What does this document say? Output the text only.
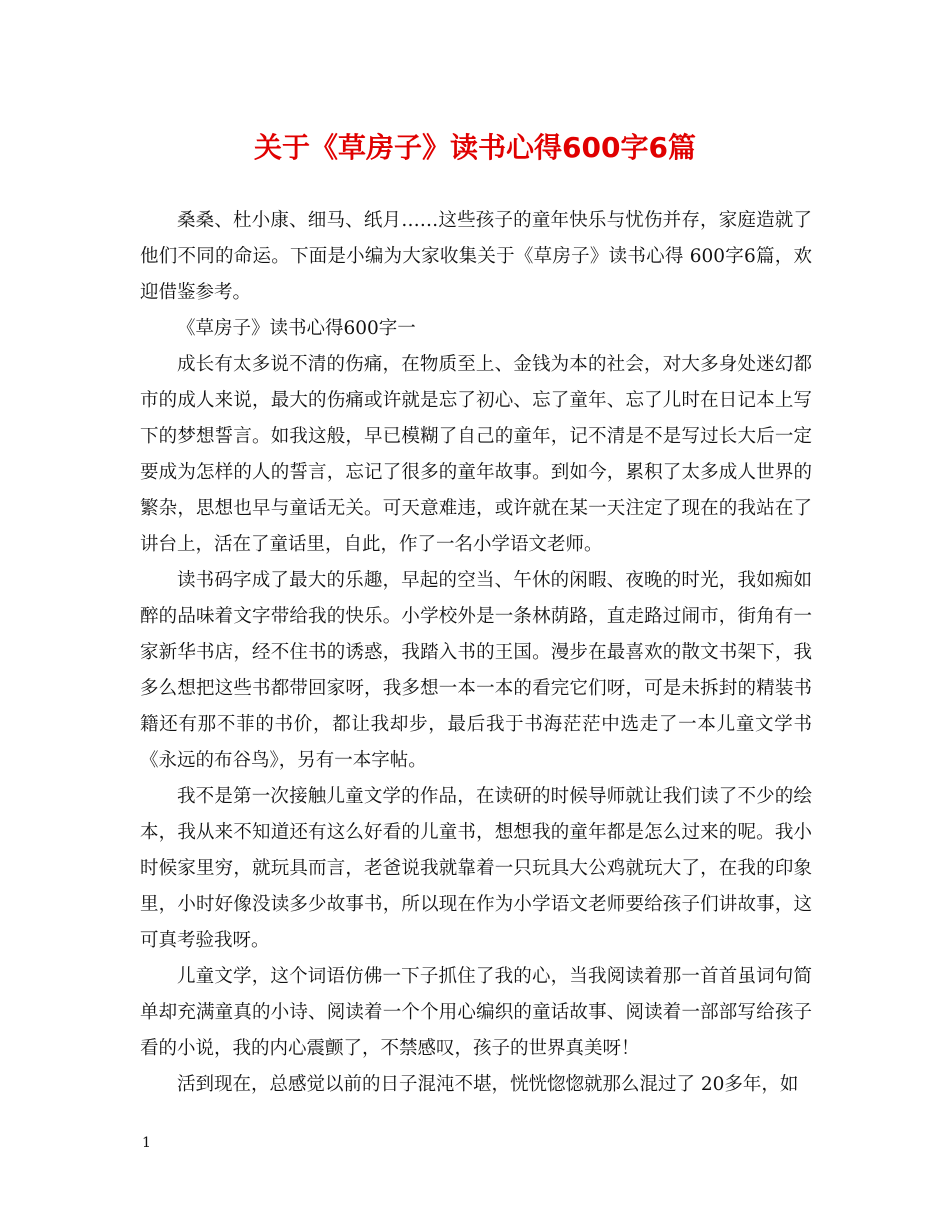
关于《草房子》读书心得600字6篇

桑桑、杜小康、细马、纸月……这些孩子的童年快乐与忧伤并存，家庭造就了他们不同的命运。下面是小编为大家收集关于《草房子》读书心得 600字6篇，欢迎借鉴参考。

《草房子》读书心得600字一

成长有太多说不清的伤痛，在物质至上、金钱为本的社会，对大多身处迷幻都市的成人来说，最大的伤痛或许就是忘了初心、忘了童年、忘了儿时在日记本上写下的梦想誓言。如我这般，早已模糊了自己的童年，记不清是不是写过长大后一定要成为怎样的人的誓言，忘记了很多的童年故事。到如今，累积了太多成人世界的繁杂，思想也早与童话无关。可天意难违，或许就在某一天注定了现在的我站在了讲台上，活在了童话里，自此，作了一名小学语文老师。

读书码字成了最大的乐趣，早起的空当、午休的闲暇、夜晚的时光，我如痴如醉的品味着文字带给我的快乐。小学校外是一条林荫路，直走路过闹市，街角有一家新华书店，经不住书的诱惑，我踏入书的王国。漫步在最喜欢的散文书架下，我多么想把这些书都带回家呀，我多想一本一本的看完它们呀，可是未拆封的精装书籍还有那不菲的书价，都让我却步，最后我于书海茫茫中选走了一本儿童文学书《永远的布谷鸟》，另有一本字帖。

我不是第一次接触儿童文学的作品，在读研的时候导师就让我们读了不少的绘本，我从来不知道还有这么好看的儿童书，想想我的童年都是怎么过来的呢。我小时候家里穷，就玩具而言，老爸说我就靠着一只玩具大公鸡就玩大了，在我的印象里，小时好像没读多少故事书，所以现在作为小学语文老师要给孩子们讲故事，这可真考验我呀。

儿童文学，这个词语仿佛一下子抓住了我的心，当我阅读着那一首首虽词句简单却充满童真的小诗、阅读着一个个用心编织的童话故事、阅读着一部部写给孩子看的小说，我的内心震颤了，不禁感叹，孩子的世界真美呀！

活到现在，总感觉以前的日子混沌不堪，恍恍惚惚就那么混过了 20多年，如

1
